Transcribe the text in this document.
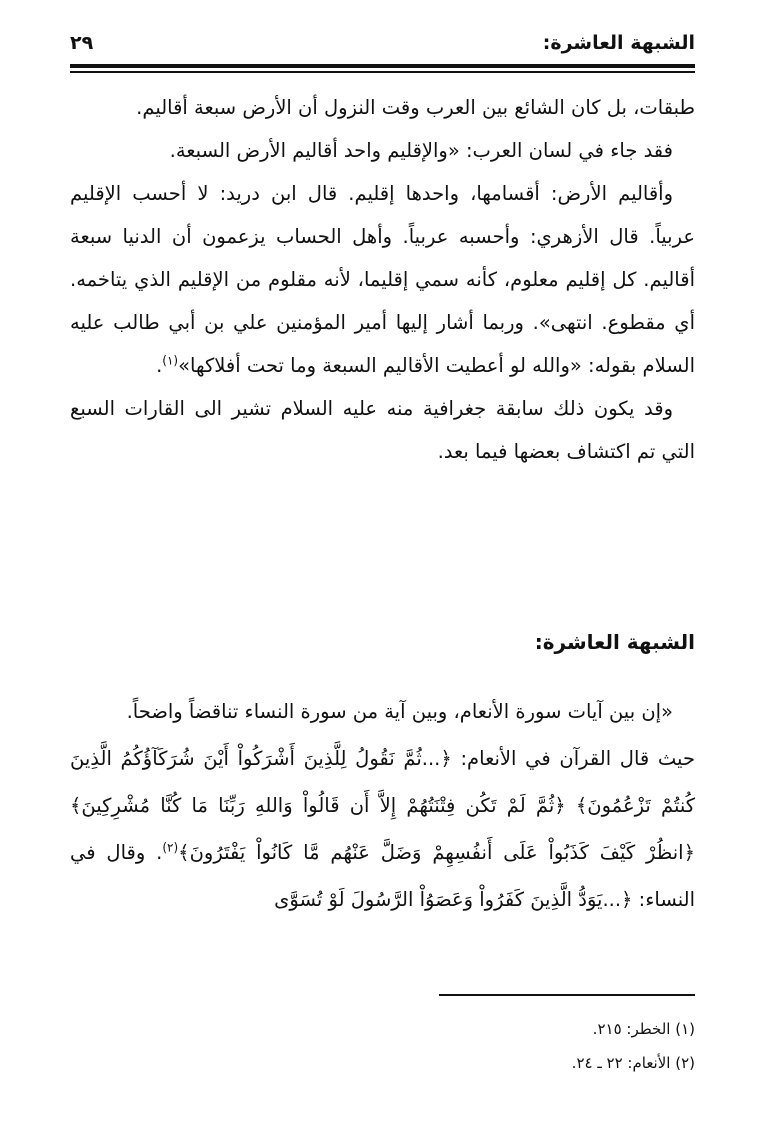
الشبهة العاشرة:
٢٩

طبقات، بل كان الشائع بين العرب وقت النزول أن الأرض سبعة أقاليم.

فقد جاء في لسان العرب: «والإقليم واحد أقاليم الأرض السبعة.

وأقاليم الأرض: أقسامها، واحدها إقليم. قال ابن دريد: لا أحسب الإقليم عربياً. قال الأزهري: وأحسبه عربياً. وأهل الحساب يزعمون أن الدنيا سبعة أقاليم. كل إقليم معلوم، كأنه سمي إقليما، لأنه مقلوم من الإقليم الذي يتاخمه. أي مقطوع. انتهى». وربما أشار إليها أمير المؤمنين علي بن أبي طالب عليه السلام بقوله: «والله لو أعطيت الأقاليم السبعة وما تحت أفلاكها»$^{(١)}$.

وقد يكون ذلك سابقة جغرافية منه عليه السلام تشير الى القارات السبع التي تم اكتشاف بعضها فيما بعد.

الشبهة العاشرة:

«إن بين آيات سورة الأنعام، وبين آية من سورة النساء تناقضاً واضحاً.

حيث قال القرآن في الأنعام: ﴿...ثُمَّ نَقُولُ لِلَّذِينَ أَشْرَكُواْ أَيْنَ شُرَكَآؤُكُمُ الَّذِينَ كُنتُمْ تَزْعُمُونَ﴾ ﴿ثُمَّ لَمْ تَكُن فِتْنَتُهُمْ إِلاَّ أَن قَالُواْ وَاللهِ رَبِّنَا مَا كُنَّا مُشْرِكِينَ﴾ ﴿انظُرْ كَيْفَ كَذَبُواْ عَلَى أَنفُسِهِمْ وَضَلَّ عَنْهُم مَّا كَانُواْ يَفْتَرُونَ﴾$^{(٢)}$. وقال في النساء: ﴿...يَوَدُّ الَّذِينَ كَفَرُواْ وَعَصَوُاْ الرَّسُولَ لَوْ تُسَوَّى

(١) الخطر: ٢١٥.
(٢) الأنعام: ٢٢ ـ ٢٤.
